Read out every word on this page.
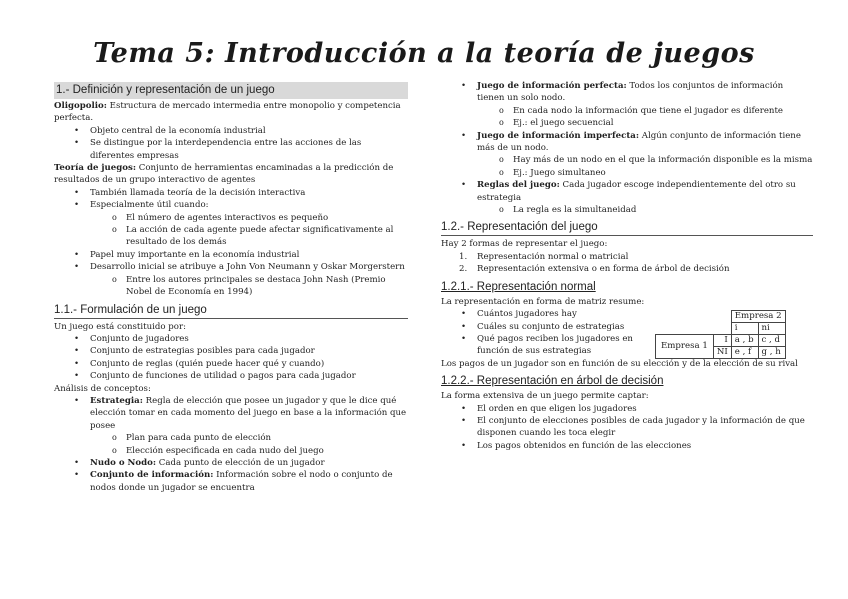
Tema 5: Introducción a la teoría de juegos
1.- Definición y representación de un juego

Oligopolio: Estructura de mercado intermedia entre monopolio y competencia perfecta.

• Objeto central de la economía industrial
• Se distingue por la interdependencia entre las acciones de las diferentes empresas

Teoría de juegos: Conjunto de herramientas encaminadas a la predicción de resultados de un grupo interactivo de agentes

• También llamada teoría de la decisión interactiva
• Especialmente útil cuando:
o El número de agentes interactivos es pequeño
o La acción de cada agente puede afectar significativamente al resultado de los demás
• Papel muy importante en la economía industrial
• Desarrollo inicial se atribuye a John Von Neumann y Oskar Morgerstern
o Entre los autores principales se destaca John Nash (Premio Nobel de Economía en 1994)
1.1.- Formulación de un juego

Un juego está constituido por:

• Conjunto de jugadores
• Conjunto de estrategias posibles para cada jugador
• Conjunto de reglas (quién puede hacer qué y cuando)
• Conjunto de funciones de utilidad o pagos para cada jugador

Análisis de conceptos:

• Estrategia: Regla de elección que posee un jugador y que le dice qué elección tomar en cada momento del juego en base a la información que posee
o Plan para cada punto de elección
o Elección especificada en cada nudo del juego
• Nudo o Nodo: Cada punto de elección de un jugador
• Conjunto de información: Información sobre el nodo o conjunto de nodos donde un jugador se encuentra
• Juego de información perfecta: Todos los conjuntos de información tienen un solo nodo.
o En cada nodo la información que tiene el jugador es diferente
o Ej.: el juego secuencial
• Juego de información imperfecta: Algún conjunto de información tiene más de un nodo.
o Hay más de un nodo en el que la información disponible es la misma
o Ej.: Juego simultaneo
• Reglas del juego: Cada jugador escoge independientemente del otro su estrategia
o La regla es la simultaneidad
1.2.- Representación del juego

Hay 2 formas de representar el juego:

1. Representación normal o matricial
2. Representación extensiva o en forma de árbol de decisión
1.2.1.- Representación normal

La representación en forma de matriz resume:

• Cuántos jugadores hay
• Cuáles su conjunto de estrategias
• Qué pagos reciben los jugadores en función de sus estrategias
		Empresa 2	
		i	ni
Empresa 1	I	a , b	c , d
	NI	e , f	g , h

Los pagos de un jugador son en función de su elección y de la elección de su rival

1.2.2.- Representación en árbol de decisión

La forma extensiva de un juego permite captar:

• El orden en que eligen los jugadores
• El conjunto de elecciones posibles de cada jugador y la información de que disponen cuando les toca elegir
• Los pagos obtenidos en función de las elecciones
